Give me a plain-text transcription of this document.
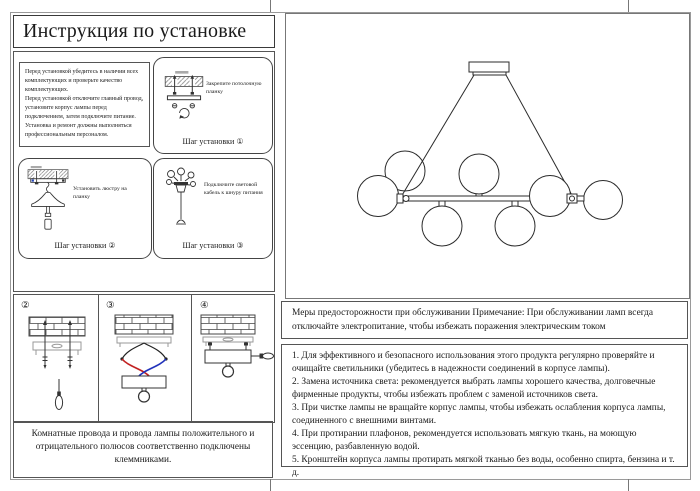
Инструкция по установке
Перед установкой убедитесь в наличии всех комплектующих и проверьте качество комплектующих.
Перед установкой отключите главный провод, установите корпус лампы перед подключением, затем подключите питание.
Установка и ремонт должны выполняться профессиональным персоналом.
Закрепите потолочную планку
Шаг установки ①
Установить люстру на планку
Шаг установки ②
Подключите световой кабель к шнуру питания
Шаг установки ③
②	③	④
Комнатные провода и провода лампы положительного и отрицательного полюсов соответственно подключены клеммниками.
Меры предосторожности при обслуживании Примечание: При обслуживании ламп всегда отключайте электропитание, чтобы избежать поражения электрическим током
1. Для эффективного и безопасного использования этого продукта регулярно проверяйте и очищайте светильники (убедитесь в надежности соединений в корпусе лампы).
2. Замена источника света: рекомендуется выбрать лампы хорошего качества, долговечные фирменные продукты, чтобы избежать проблем с заменой источников света.
3. При чистке лампы не вращайте корпус лампы, чтобы избежать ослабления корпуса лампы, соединенного с внешними винтами.
4. При протирании плафонов, рекомендуется использовать мягкую ткань, на моющую эссенцию, разбавленную водой.
5. Кронштейн корпуса лампы протирать мягкой тканью без воды, особенно спирта, бензина и т. д.
